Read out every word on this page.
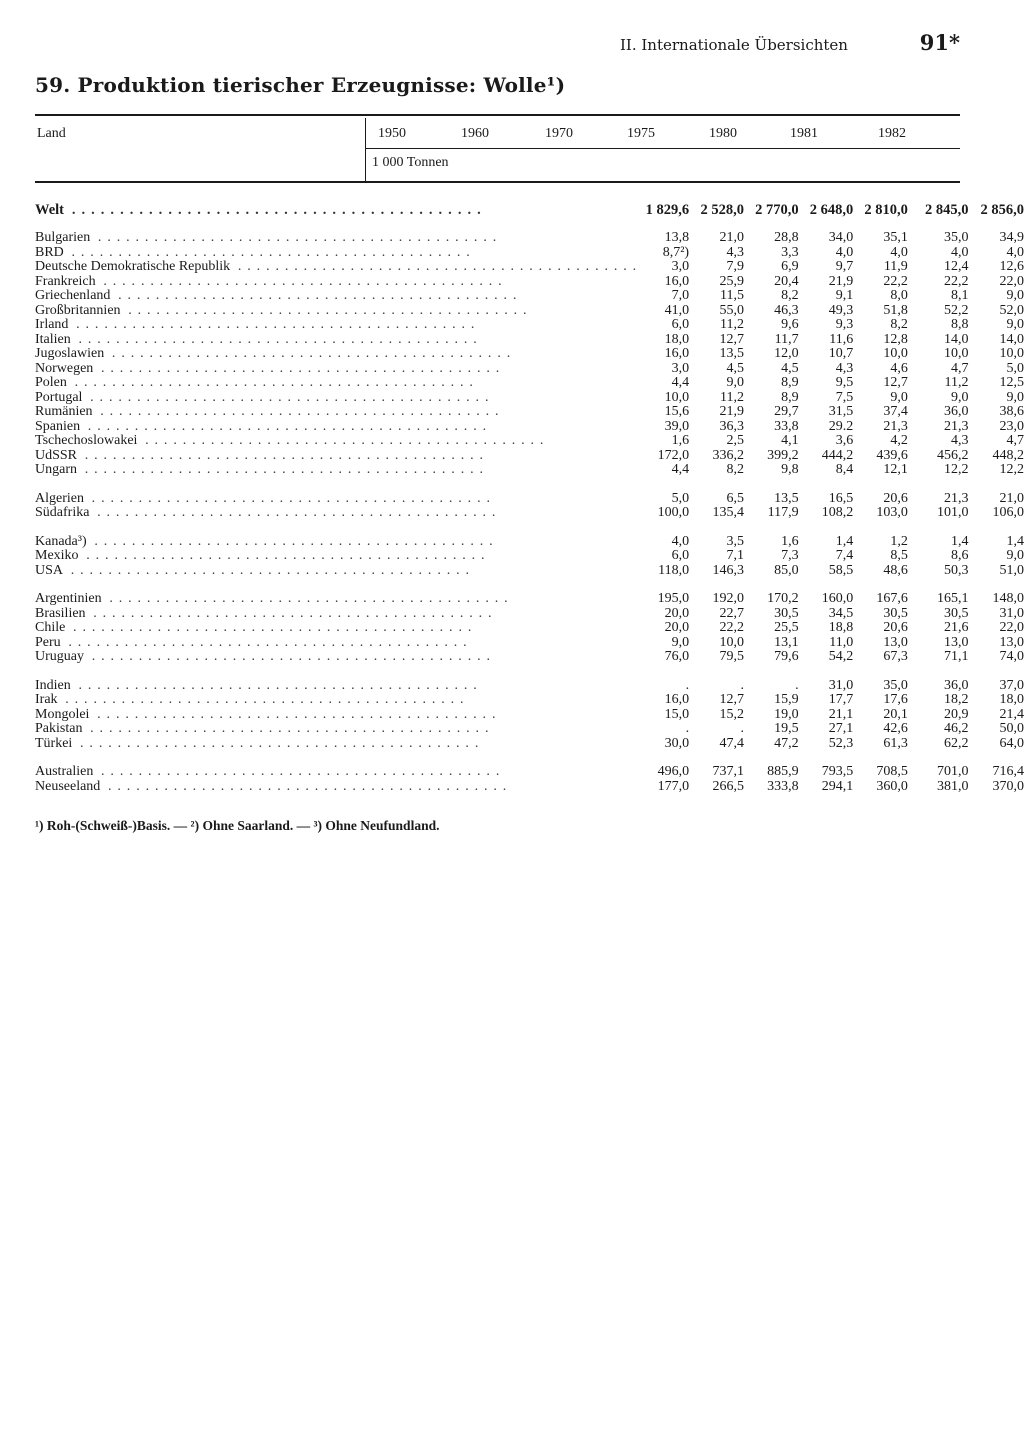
II. Internationale Übersichten	91*
59. Produktion tierischer Erzeugnisse: Wolle¹)
Land	1950	1960	1970	1975	1980	1981	1982
1 000 Tonnen
Welt . . . . . . . . . . . . . . . . . . . . . . . . . . . . . . . . . . . . . . . . . . .	1 829,6	2 528,0	2 770,0	2 648,0	2 810,0	2 845,0	2 856,0

Bulgarien . . . . . . . . . . . . . . . . . . . . . . . . . . . . . . . . . . . . . . . . . . .	13,8	21,0	28,8	34,0	35,1	35,0	34,9
BRD . . . . . . . . . . . . . . . . . . . . . . . . . . . . . . . . . . . . . . . . . . .	8,7²)	4,3	3,3	4,0	4,0	4,0	4,0
Deutsche Demokratische Republik . . . . . . . . . . . . . . . . . . . . . . . . . . . . . . . . . . . . . . . . . . .	3,0	7,9	6,9	9,7	11,9	12,4	12,6
Frankreich . . . . . . . . . . . . . . . . . . . . . . . . . . . . . . . . . . . . . . . . . . .	16,0	25,9	20,4	21,9	22,2	22,2	22,0
Griechenland . . . . . . . . . . . . . . . . . . . . . . . . . . . . . . . . . . . . . . . . . . .	7,0	11,5	8,2	9,1	8,0	8,1	9,0
Großbritannien . . . . . . . . . . . . . . . . . . . . . . . . . . . . . . . . . . . . . . . . . . .	41,0	55,0	46,3	49,3	51,8	52,2	52,0
Irland . . . . . . . . . . . . . . . . . . . . . . . . . . . . . . . . . . . . . . . . . . .	6,0	11,2	9,6	9,3	8,2	8,8	9,0
Italien . . . . . . . . . . . . . . . . . . . . . . . . . . . . . . . . . . . . . . . . . . .	18,0	12,7	11,7	11,6	12,8	14,0	14,0
Jugoslawien . . . . . . . . . . . . . . . . . . . . . . . . . . . . . . . . . . . . . . . . . . .	16,0	13,5	12,0	10,7	10,0	10,0	10,0
Norwegen . . . . . . . . . . . . . . . . . . . . . . . . . . . . . . . . . . . . . . . . . . .	3,0	4,5	4,5	4,3	4,6	4,7	5,0
Polen . . . . . . . . . . . . . . . . . . . . . . . . . . . . . . . . . . . . . . . . . . .	4,4	9,0	8,9	9,5	12,7	11,2	12,5
Portugal . . . . . . . . . . . . . . . . . . . . . . . . . . . . . . . . . . . . . . . . . . .	10,0	11,2	8,9	7,5	9,0	9,0	9,0
Rumänien . . . . . . . . . . . . . . . . . . . . . . . . . . . . . . . . . . . . . . . . . . .	15,6	21,9	29,7	31,5	37,4	36,0	38,6
Spanien . . . . . . . . . . . . . . . . . . . . . . . . . . . . . . . . . . . . . . . . . . .	39,0	36,3	33,8	29.2	21,3	21,3	23,0
Tschechoslowakei . . . . . . . . . . . . . . . . . . . . . . . . . . . . . . . . . . . . . . . . . . .	1,6	2,5	4,1	3,6	4,2	4,3	4,7
UdSSR . . . . . . . . . . . . . . . . . . . . . . . . . . . . . . . . . . . . . . . . . . .	172,0	336,2	399,2	444,2	439,6	456,2	448,2
Ungarn . . . . . . . . . . . . . . . . . . . . . . . . . . . . . . . . . . . . . . . . . . .	4,4	8,2	9,8	8,4	12,1	12,2	12,2

Algerien . . . . . . . . . . . . . . . . . . . . . . . . . . . . . . . . . . . . . . . . . . .	5,0	6,5	13,5	16,5	20,6	21,3	21,0
Südafrika . . . . . . . . . . . . . . . . . . . . . . . . . . . . . . . . . . . . . . . . . . .	100,0	135,4	117,9	108,2	103,0	101,0	106,0

Kanada³) . . . . . . . . . . . . . . . . . . . . . . . . . . . . . . . . . . . . . . . . . . .	4,0	3,5	1,6	1,4	1,2	1,4	1,4
Mexiko . . . . . . . . . . . . . . . . . . . . . . . . . . . . . . . . . . . . . . . . . . .	6,0	7,1	7,3	7,4	8,5	8,6	9,0
USA . . . . . . . . . . . . . . . . . . . . . . . . . . . . . . . . . . . . . . . . . . .	118,0	146,3	85,0	58,5	48,6	50,3	51,0

Argentinien . . . . . . . . . . . . . . . . . . . . . . . . . . . . . . . . . . . . . . . . . . .	195,0	192,0	170,2	160,0	167,6	165,1	148,0
Brasilien . . . . . . . . . . . . . . . . . . . . . . . . . . . . . . . . . . . . . . . . . . .	20,0	22,7	30,5	34,5	30,5	30,5	31,0
Chile . . . . . . . . . . . . . . . . . . . . . . . . . . . . . . . . . . . . . . . . . . .	20,0	22,2	25,5	18,8	20,6	21,6	22,0
Peru . . . . . . . . . . . . . . . . . . . . . . . . . . . . . . . . . . . . . . . . . . .	9,0	10,0	13,1	11,0	13,0	13,0	13,0
Uruguay . . . . . . . . . . . . . . . . . . . . . . . . . . . . . . . . . . . . . . . . . . .	76,0	79,5	79,6	54,2	67,3	71,1	74,0

Indien . . . . . . . . . . . . . . . . . . . . . . . . . . . . . . . . . . . . . . . . . . .	.	.	.	31,0	35,0	36,0	37,0
Irak . . . . . . . . . . . . . . . . . . . . . . . . . . . . . . . . . . . . . . . . . . .	16,0	12,7	15,9	17,7	17,6	18,2	18,0
Mongolei . . . . . . . . . . . . . . . . . . . . . . . . . . . . . . . . . . . . . . . . . . .	15,0	15,2	19,0	21,1	20,1	20,9	21,4
Pakistan . . . . . . . . . . . . . . . . . . . . . . . . . . . . . . . . . . . . . . . . . . .	.	.	19,5	27,1	42,6	46,2	50,0
Türkei . . . . . . . . . . . . . . . . . . . . . . . . . . . . . . . . . . . . . . . . . . .	30,0	47,4	47,2	52,3	61,3	62,2	64,0

Australien . . . . . . . . . . . . . . . . . . . . . . . . . . . . . . . . . . . . . . . . . . .	496,0	737,1	885,9	793,5	708,5	701,0	716,4
Neuseeland . . . . . . . . . . . . . . . . . . . . . . . . . . . . . . . . . . . . . . . . . . .	177,0	266,5	333,8	294,1	360,0	381,0	370,0
¹) Roh-(Schweiß-)Basis. — ²) Ohne Saarland. — ³) Ohne Neufundland.
